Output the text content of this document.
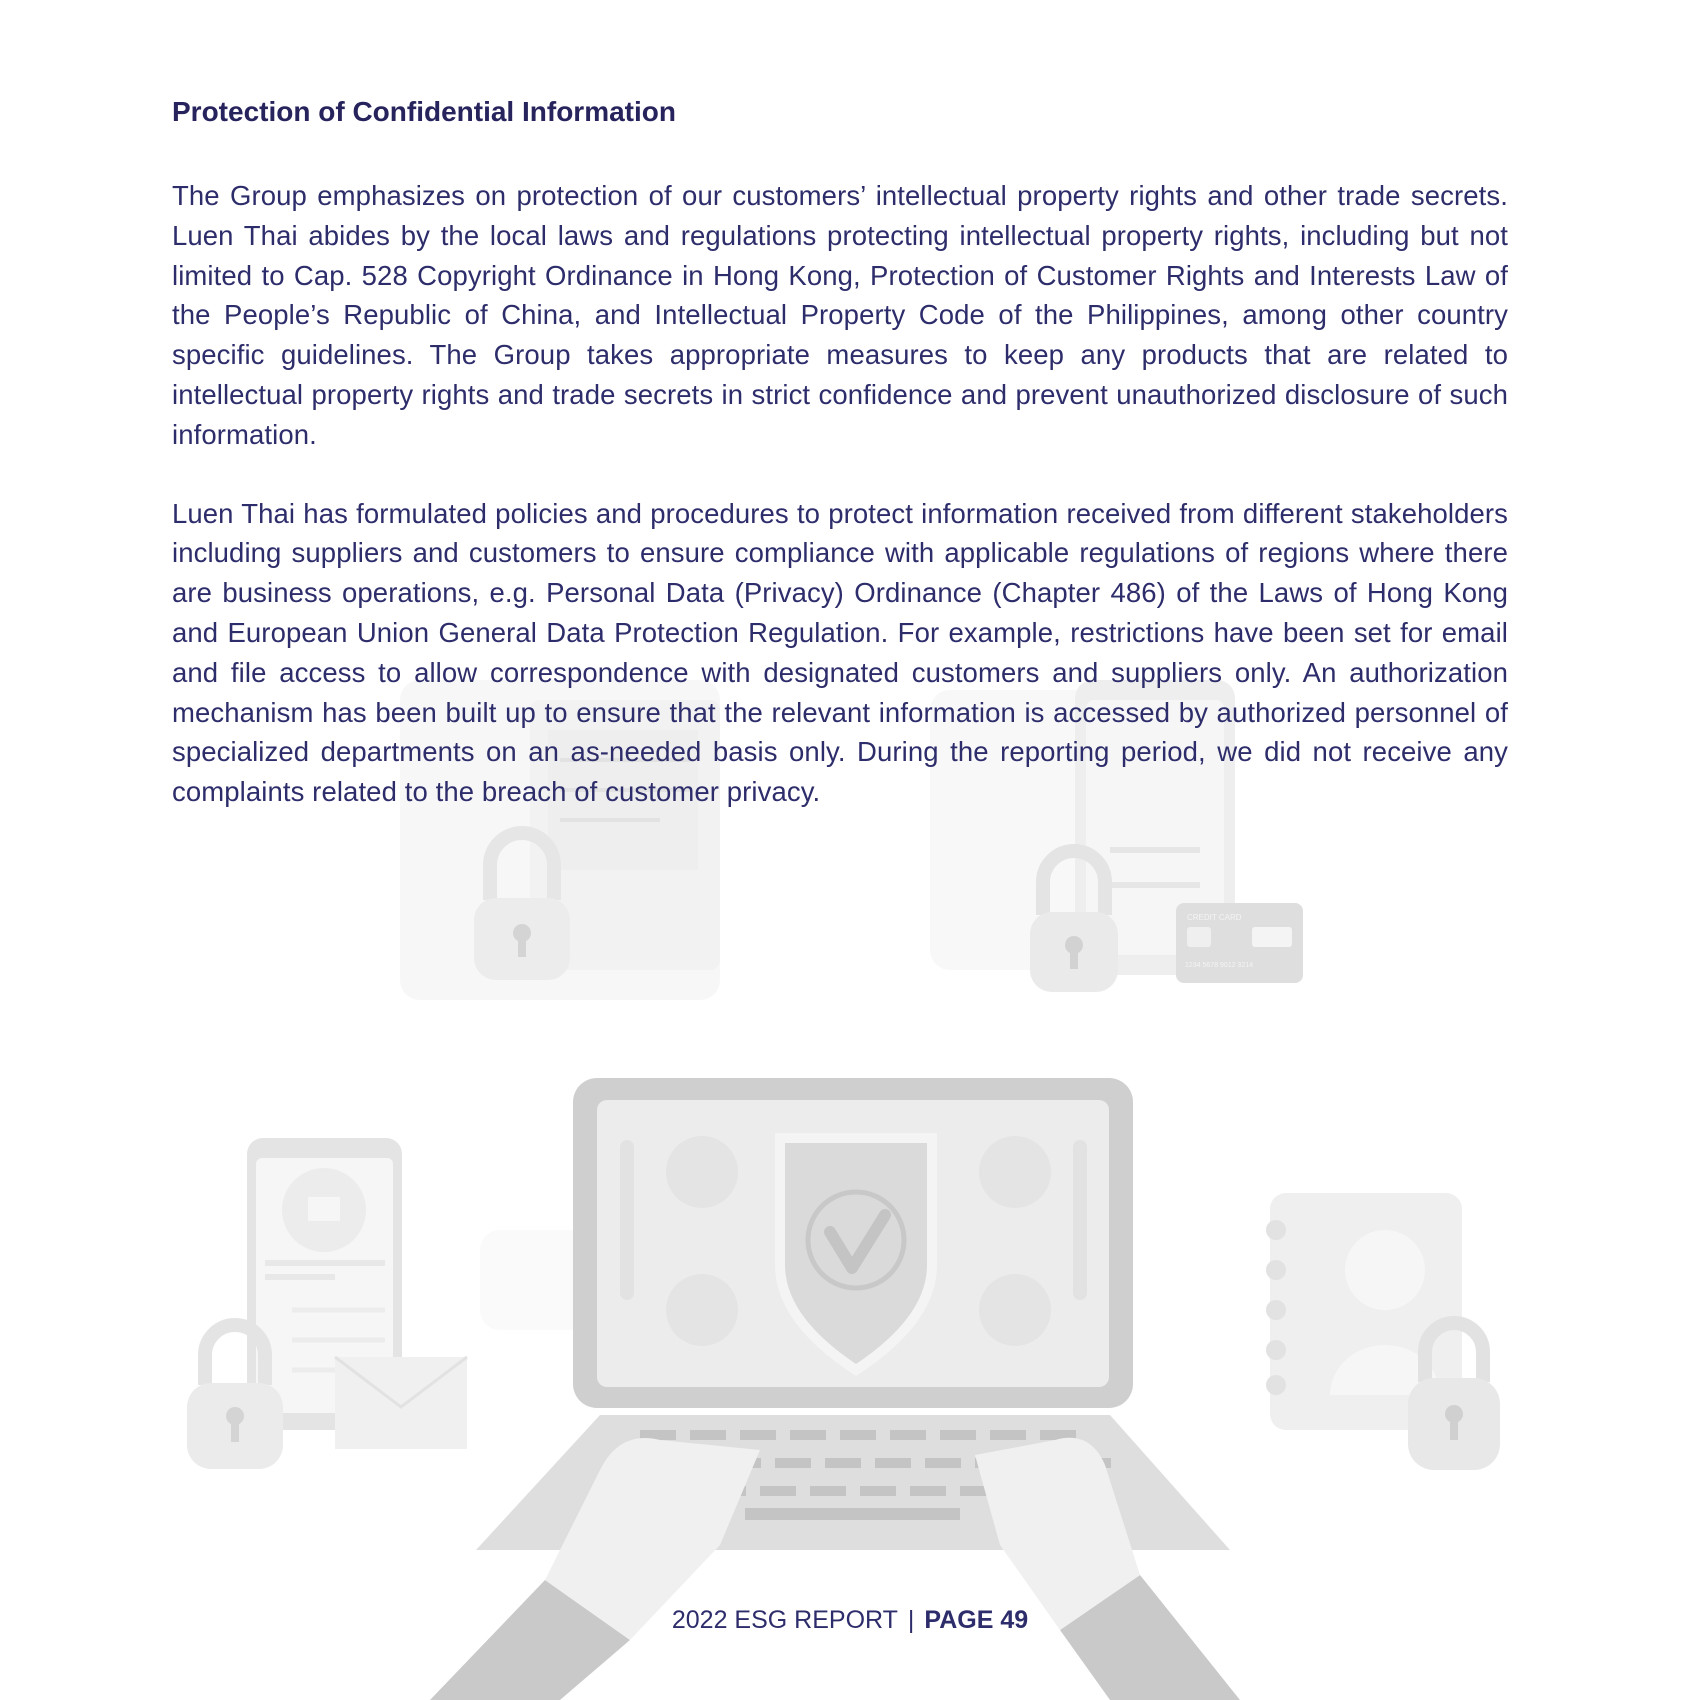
CREDIT CARD
1234 5678 9012 3214
Protection of Confidential Information

The Group emphasizes on protection of our customers’ intellectual property rights and other trade secrets. Luen Thai abides by the local laws and regulations protecting intellectual property rights, including but not limited to Cap. 528 Copyright Ordinance in Hong Kong, Protection of Customer Rights and Interests Law of the People’s Republic of China, and Intellectual Property Code of the Philippines, among other country specific guidelines. The Group takes appropriate measures to keep any products that are related to intellectual property rights and trade secrets in strict confidence and prevent unauthorized disclosure of such information.

Luen Thai has formulated policies and procedures to protect information received from different stakeholders including suppliers and customers to ensure compliance with applicable regulations of regions where there are business operations, e.g. Personal Data (Privacy) Ordinance (Chapter 486) of the Laws of Hong Kong and European Union General Data Protection Regulation. For example, restrictions have been set for email and file access to allow correspondence with designated customers and suppliers only. An authorization mechanism has been built up to ensure that the relevant information is accessed by authorized personnel of specialized departments on an as-needed basis only. During the reporting period, we did not receive any complaints related to the breach of customer privacy.

2022 ESG REPORT | PAGE 49
